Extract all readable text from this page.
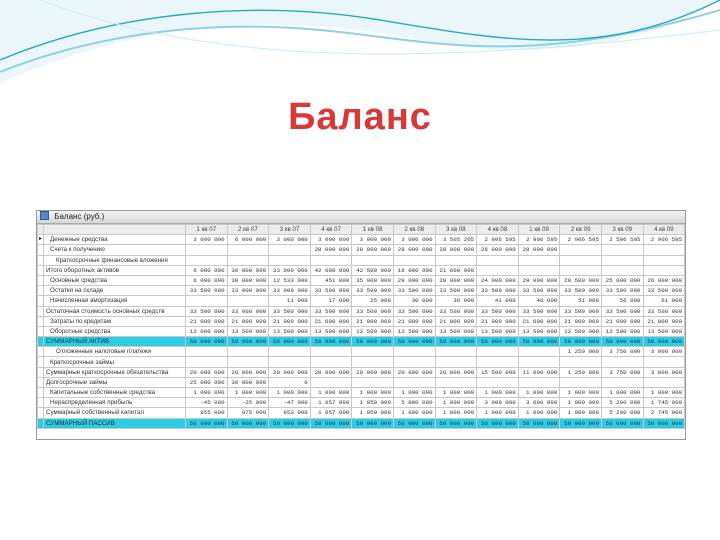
Баланс
Баланс (руб.)
		1 кв 07	2 кв 07	3 кв 07	4 кв 07	1 кв 08	2 кв 08	3 кв 08	4 кв 08	1 кв 09	2 кв 09	3 кв 09	4 кв 09
▸	Денежные средства	3 000 000	6 000 000	3 000 000	3 000 000	3 000 000	3 000 000	3 505 205	2 906 595	2 906 595	2 906 595	2 506 595	2 906 595
	Счета к получению				28 000 000	28 000 000	28 000 000	28 008 000	28 000 000	28 000 000			
	Краткосрочные финансовые вложения												
	Итого оборотных активов	6 000 000	30 000 000	33 000 000	42 000 000	42 500 000	18 000 000	21 600 000					
	Основные средства	6 000 000	30 000 000	12 533 000	451 000	35 000 000	29 000 000	28 000 000	24 000 000	29 000 000	29 500 000	25 000 000	26 000 000
	Остатки на складе	33 500 000	33 000 000	33 000 000	33 500 000	33 500 000	33 500 000	33 500 000	33 500 000	33 500 000	33 500 000	33 500 000	33 500 000
	Начисленная амортизация			11 000	17 000	25 000	30 000	36 000	41 000	46 000	51 000	56 000	61 000
	Остаточная стоимость основных средств	33 500 000	33 000 000	33 500 000	33 500 000	33 500 000	33 500 000	33 500 000	33 500 000	33 500 000	33 500 000	33 500 000	33 500 000
	Затраты по кредитам	21 000 000	21 000 000	21 000 000	21 000 000	21 000 000	21 000 000	21 000 000	21 000 000	21 000 000	21 000 000	21 000 000	21 000 000
	Оборотные средства	13 000 000	13 500 000	13 500 000	13 500 000	13 500 000	13 500 000	13 500 000	13 500 000	13 500 000	13 500 000	13 500 000	13 500 000
	СУММАРНЫЙ АКТИВ	50 000 000	50 000 000	50 000 000	50 000 000	50 000 000	50 000 000	50 000 000	50 000 000	50 000 000	50 000 000	50 000 000	50 000 000
	Отложенные налоговые платежи										1 250 000	3 750 000	3 000 000
	Краткосрочные займы												
	Суммарные краткосрочные обязательства	20 000 000	20 000 000	20 000 000	20 000 000	20 000 000	20 000 000	20 000 000	15 500 000	11 000 000	1 250 000	3 750 000	3 000 000
	Долгосрочные займы	25 000 000	30 000 000	0									
	Капитальные собственные средства	1 000 000	1 000 000	1 000 000	1 000 000	1 000 000	1 000 000	1 000 000	1 000 000	1 000 000	1 000 000	1 000 000	1 000 000
	Нераспределенная прибыль	-45 000	-25 000	-47 000	1 057 000	1 050 000	5 000 000	1 000 000	3 000 000	3 000 000	1 000 000	5 200 000	1 745 000
	Суммарный собственный капитал	955 000	975 000	953 000	1 057 000	1 050 000	1 000 000	1 000 000	1 000 000	1 000 000	1 000 000	5 200 000	2 745 000
	СУММАРНЫЙ ПАССИВ	50 000 000	50 000 000	50 000 000	50 000 000	50 000 000	50 000 000	50 000 000	50 000 000	50 000 000	50 000 000	50 000 000	50 000 000
